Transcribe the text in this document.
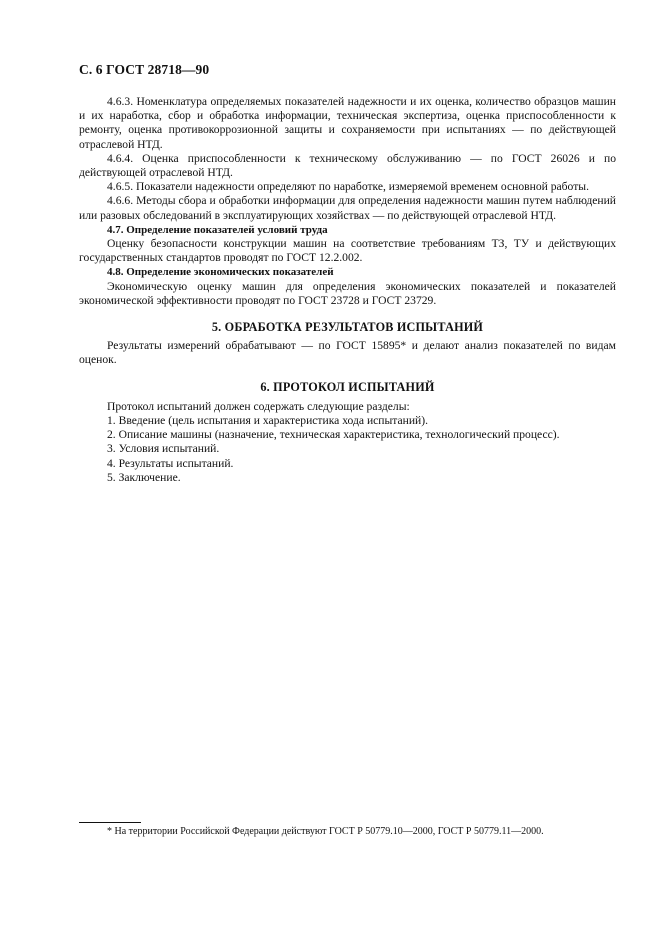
С. 6 ГОСТ 28718—90

4.6.3. Номенклатура определяемых показателей надежности и их оценка, количество образцов машин и их наработка, сбор и обработка информации, техническая экспертиза, оценка приспособленности к ремонту, оценка противокоррозионной защиты и сохраняемости при испытаниях — по действующей отраслевой НТД.

4.6.4. Оценка приспособленности к техническому обслуживанию — по ГОСТ 26026 и по действующей отраслевой НТД.

4.6.5. Показатели надежности определяют по наработке, измеряемой временем основной работы.

4.6.6. Методы сбора и обработки информации для определения надежности машин путем наблюдений или разовых обследований в эксплуатирующих хозяйствах — по действующей отраслевой НТД.

4.7. Определение показателей условий труда

Оценку безопасности конструкции машин на соответствие требованиям ТЗ, ТУ и действующих государственных стандартов проводят по ГОСТ 12.2.002.

4.8. Определение экономических показателей

Экономическую оценку машин для определения экономических показателей и показателей экономической эффективности проводят по ГОСТ 23728 и ГОСТ 23729.

5. ОБРАБОТКА РЕЗУЛЬТАТОВ ИСПЫТАНИЙ

Результаты измерений обрабатывают — по ГОСТ 15895* и делают анализ показателей по видам оценок.

6. ПРОТОКОЛ ИСПЫТАНИЙ

Протокол испытаний должен содержать следующие разделы:

1. Введение (цель испытания и характеристика хода испытаний).

2. Описание машины (назначение, техническая характеристика, технологический процесс).

3. Условия испытаний.

4. Результаты испытаний.

5. Заключение.

* На территории Российской Федерации действуют ГОСТ Р 50779.10—2000, ГОСТ Р 50779.11—2000.
